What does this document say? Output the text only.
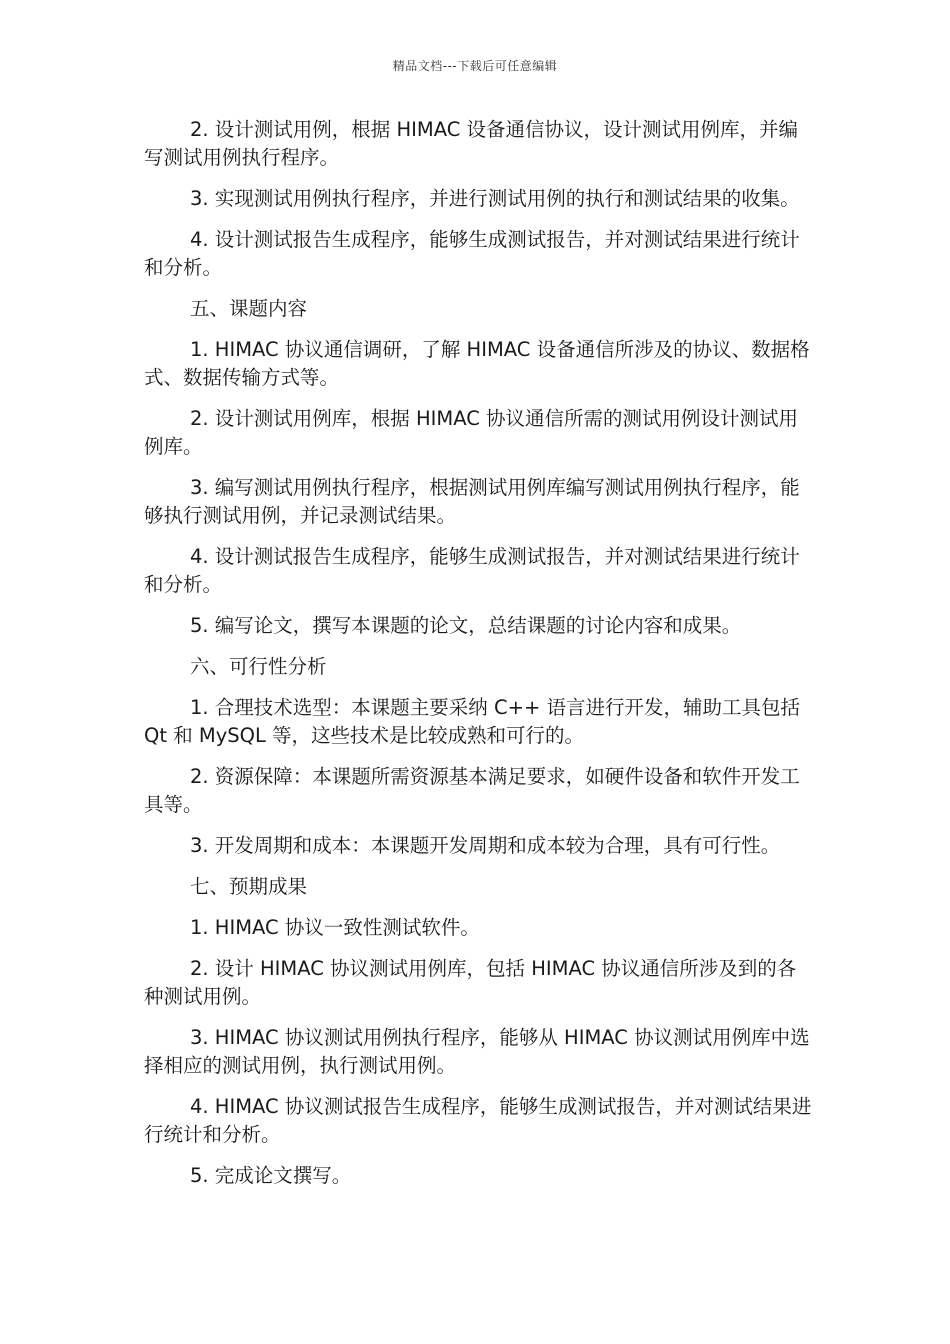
精品文档---下载后可任意编辑

2. 设计测试用例，根据 HIMAC 设备通信协议，设计测试用例库，并编写测试用例执行程序。

3. 实现测试用例执行程序，并进行测试用例的执行和测试结果的收集。

4. 设计测试报告生成程序，能够生成测试报告，并对测试结果进行统计和分析。

五、课题内容

1. HIMAC 协议通信调研，了解 HIMAC 设备通信所涉及的协议、数据格式、数据传输方式等。

2. 设计测试用例库，根据 HIMAC 协议通信所需的测试用例设计测试用例库。

3. 编写测试用例执行程序，根据测试用例库编写测试用例执行程序，能够执行测试用例，并记录测试结果。

4. 设计测试报告生成程序，能够生成测试报告，并对测试结果进行统计和分析。

5. 编写论文，撰写本课题的论文，总结课题的讨论内容和成果。

六、可行性分析

1. 合理技术选型：本课题主要采纳 C++ 语言进行开发，辅助工具包括 Qt 和 MySQL 等，这些技术是比较成熟和可行的。

2. 资源保障：本课题所需资源基本满足要求，如硬件设备和软件开发工具等。

3. 开发周期和成本：本课题开发周期和成本较为合理，具有可行性。

七、预期成果

1. HIMAC 协议一致性测试软件。

2. 设计 HIMAC 协议测试用例库，包括 HIMAC 协议通信所涉及到的各种测试用例。

3. HIMAC 协议测试用例执行程序，能够从 HIMAC 协议测试用例库中选择相应的测试用例，执行测试用例。

4. HIMAC 协议测试报告生成程序，能够生成测试报告，并对测试结果进行统计和分析。

5. 完成论文撰写。
